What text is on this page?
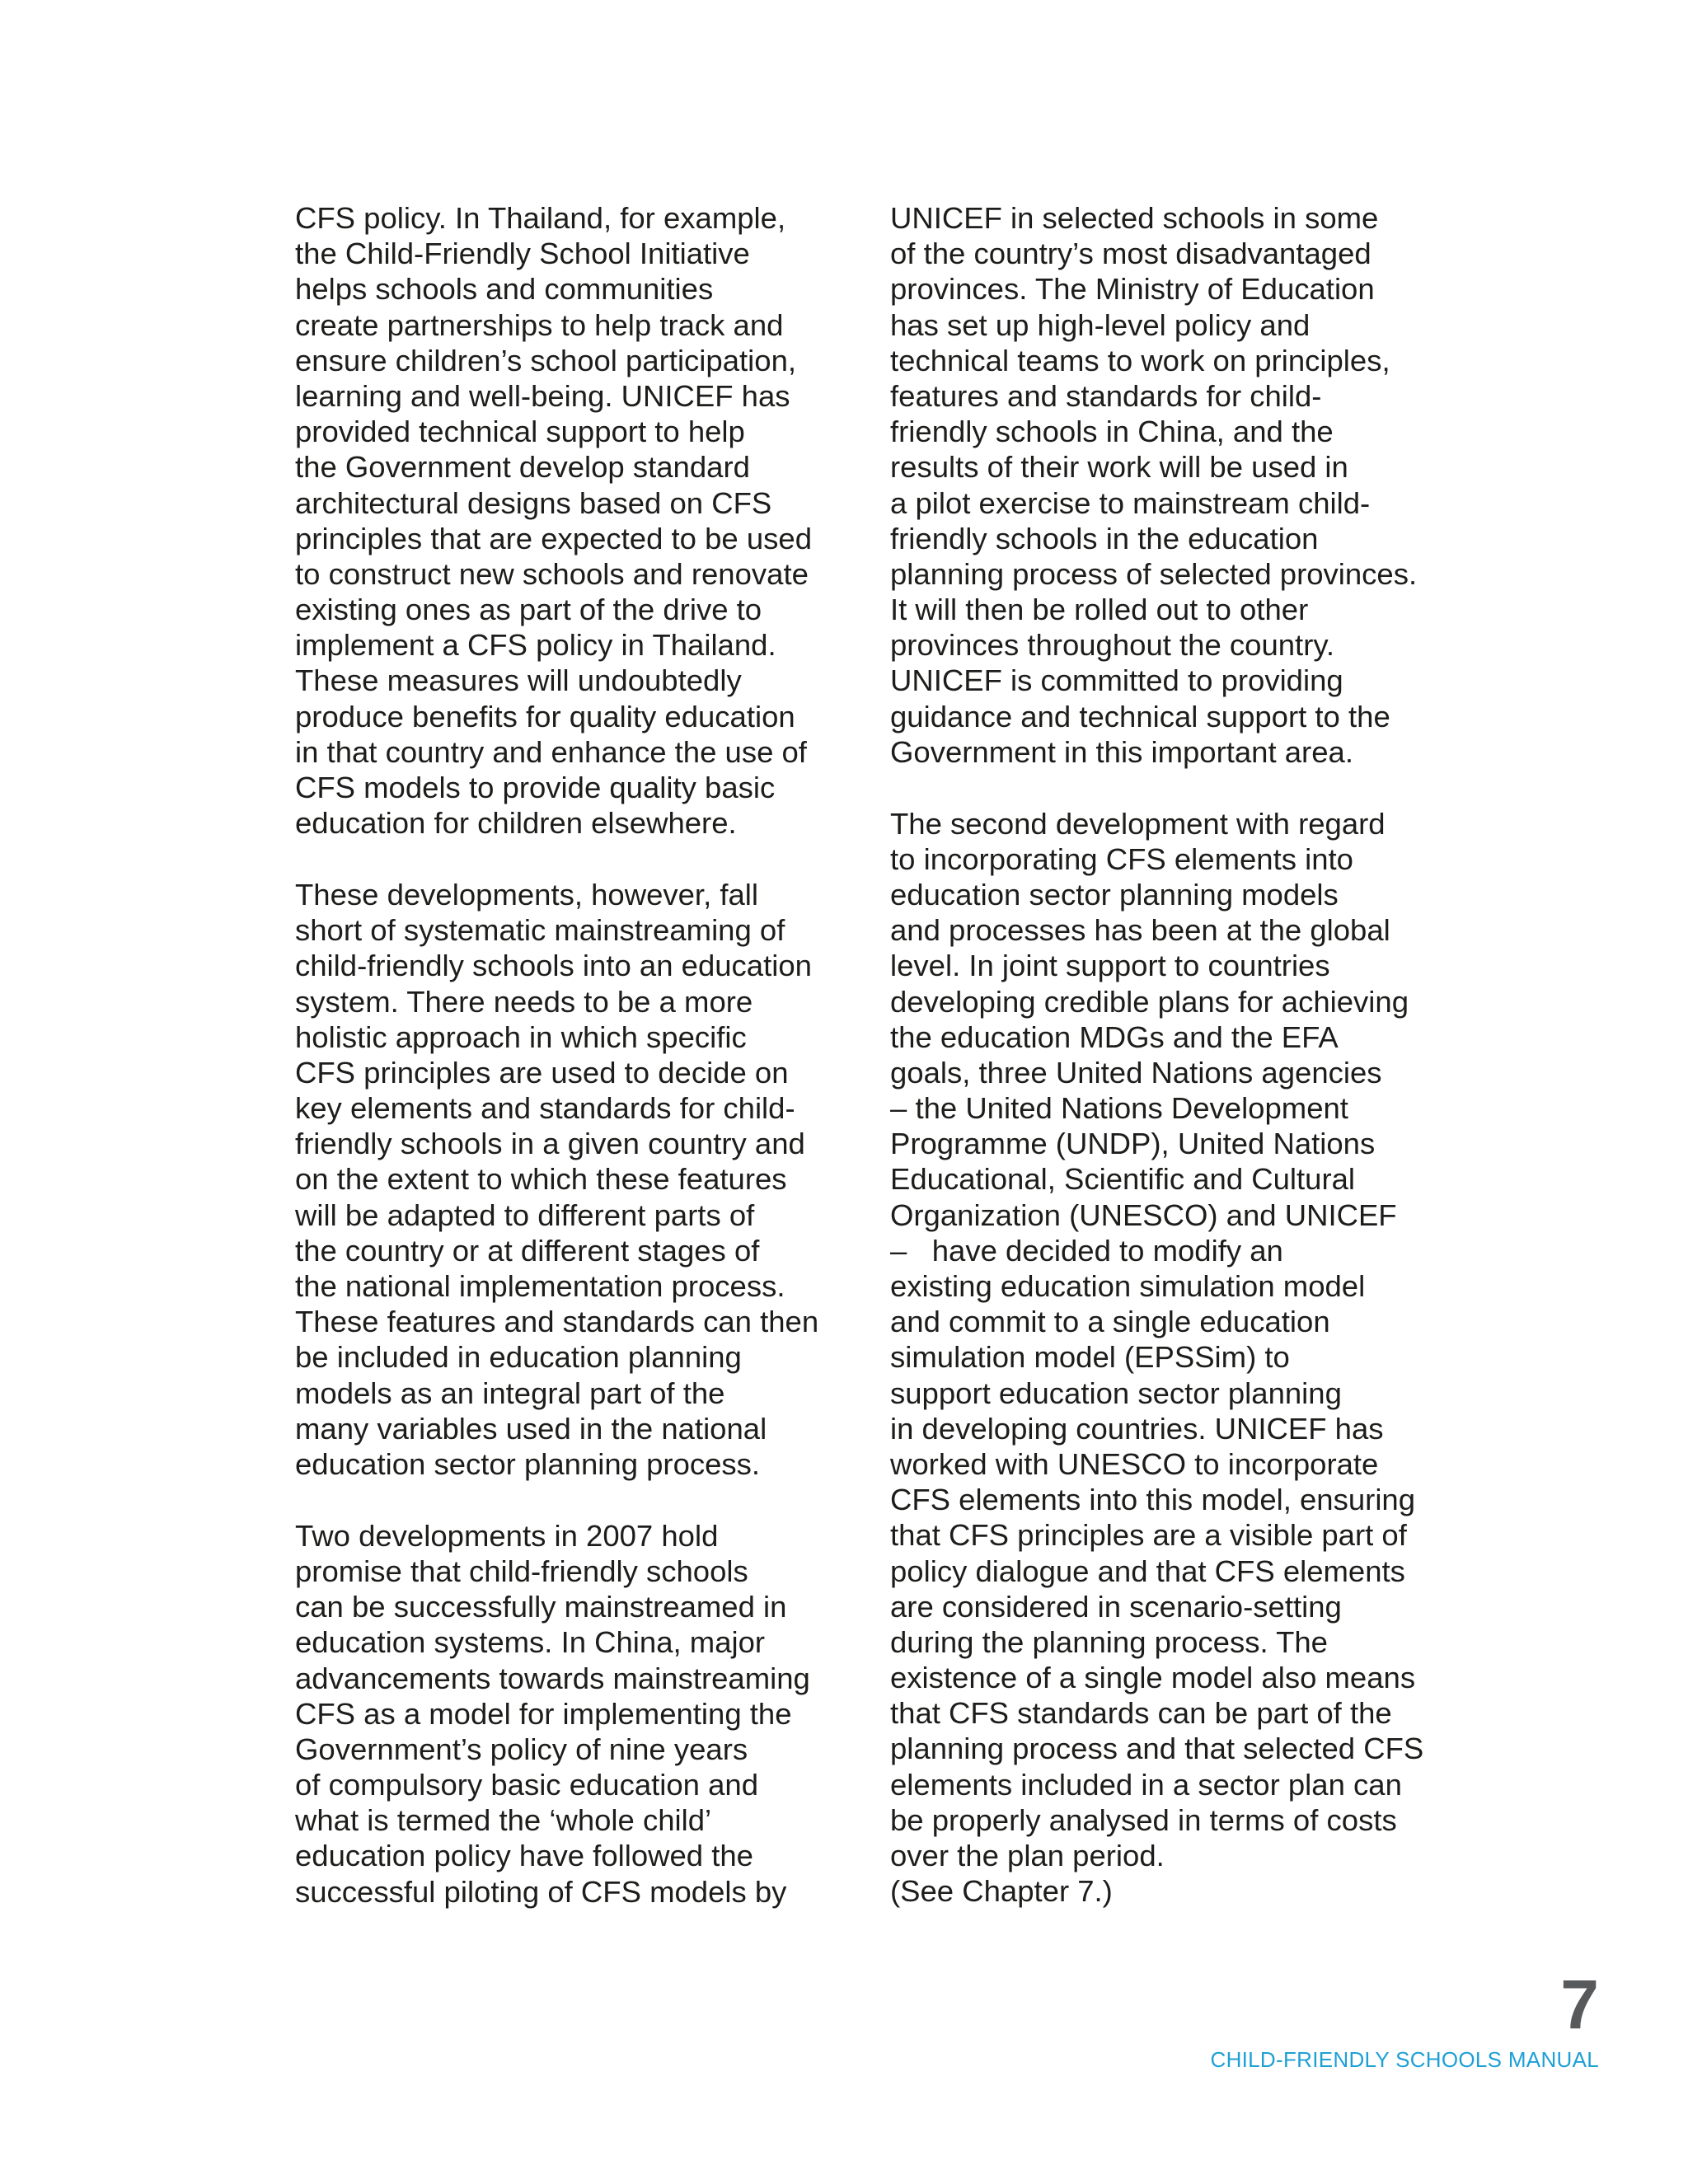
CFS policy. In Thailand, for example,
the Child-Friendly School Initiative
helps schools and communities
create partnerships to help track and
ensure children’s school participation,
learning and well-being. UNICEF has
provided technical support to help
the Government develop standard
architectural designs based on CFS
principles that are expected to be used
to construct new schools and renovate
existing ones as part of the drive to
implement a CFS policy in Thailand.
These measures will undoubtedly
produce benefits for quality education
in that country and enhance the use of
CFS models to provide quality basic
education for children elsewhere.
These developments, however, fall
short of systematic mainstreaming of
child-friendly schools into an education
system. There needs to be a more
holistic approach in which specific
CFS principles are used to decide on
key elements and standards for child-
friendly schools in a given country and
on the extent to which these features
will be adapted to different parts of
the country or at different stages of
the national implementation process.
These features and standards can then
be included in education planning
models as an integral part of the
many variables used in the national
education sector planning process.
Two developments in 2007 hold
promise that child-friendly schools
can be successfully mainstreamed in
education systems. In China, major
advancements towards mainstreaming
CFS as a model for implementing the
Government’s policy of nine years
of compulsory basic education and
what is termed the ‘whole child’
education policy have followed the
successful piloting of CFS models by
UNICEF in selected schools in some
of the country’s most disadvantaged
provinces. The Ministry of Education
has set up high-level policy and
technical teams to work on principles,
features and standards for child-
friendly schools in China, and the
results of their work will be used in
a pilot exercise to mainstream child-
friendly schools in the education
planning process of selected provinces.
It will then be rolled out to other
provinces throughout the country.
UNICEF is committed to providing
guidance and technical support to the
Government in this important area.
The second development with regard
to incorporating CFS elements into
education sector planning models
and processes has been at the global
level. In joint support to countries
developing credible plans for achieving
the education MDGs and the EFA
goals, three United Nations agencies
– the United Nations Development
Programme (UNDP), United Nations
Educational, Scientific and Cultural
Organization (UNESCO) and UNICEF
–   have decided to modify an
existing education simulation model
and commit to a single education
simulation model (EPSSim) to
support education sector planning
in developing countries. UNICEF has
worked with UNESCO to incorporate
CFS elements into this model, ensuring
that CFS principles are a visible part of
policy dialogue and that CFS elements
are considered in scenario-setting
during the planning process. The
existence of a single model also means
that CFS standards can be part of the
planning process and that selected CFS
elements included in a sector plan can
be properly analysed in terms of costs
over the plan period.
(See Chapter 7.)
7
CHILD-FRIENDLY SCHOOLS MANUAL
